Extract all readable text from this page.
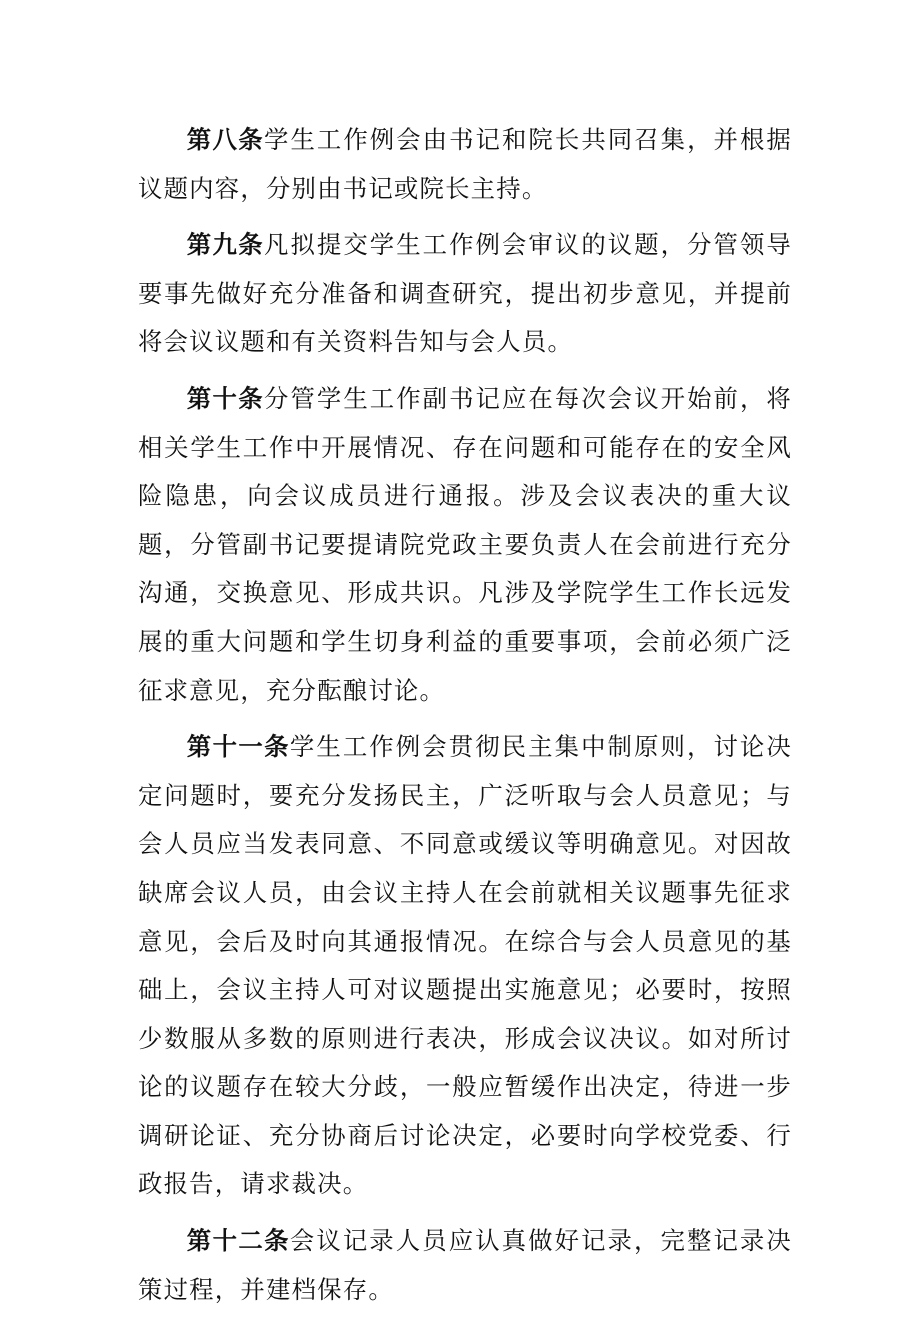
第八条学生工作例会由书记和院长共同召集，并根据议题内容，分别由书记或院长主持。

第九条凡拟提交学生工作例会审议的议题，分管领导要事先做好充分准备和调查研究，提出初步意见，并提前将会议议题和有关资料告知与会人员。

第十条分管学生工作副书记应在每次会议开始前，将相关学生工作中开展情况、存在问题和可能存在的安全风险隐患，向会议成员进行通报。涉及会议表决的重大议题，分管副书记要提请院党政主要负责人在会前进行充分沟通，交换意见、形成共识。凡涉及学院学生工作长远发展的重大问题和学生切身利益的重要事项，会前必须广泛征求意见，充分酝酿讨论。

第十一条学生工作例会贯彻民主集中制原则，讨论决定问题时，要充分发扬民主，广泛听取与会人员意见；与会人员应当发表同意、不同意或缓议等明确意见。对因故缺席会议人员，由会议主持人在会前就相关议题事先征求意见，会后及时向其通报情况。在综合与会人员意见的基础上，会议主持人可对议题提出实施意见；必要时，按照少数服从多数的原则进行表决，形成会议决议。如对所讨论的议题存在较大分歧，一般应暂缓作出决定，待进一步调研论证、充分协商后讨论决定，必要时向学校党委、行政报告，请求裁决。

第十二条会议记录人员应认真做好记录，完整记录决策过程，并建档保存。
